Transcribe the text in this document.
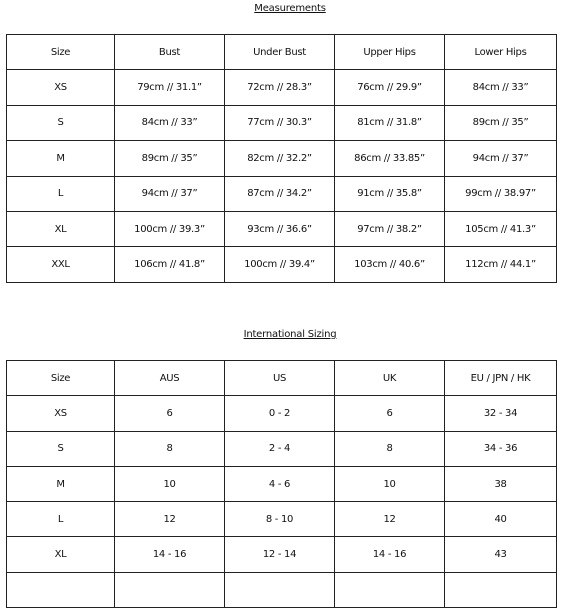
Measurements
Size	Bust	Under Bust	Upper Hips	Lower Hips
XS	79cm // 31.1”	72cm // 28.3”	76cm // 29.9”	84cm // 33”
S	84cm // 33”	77cm // 30.3”	81cm // 31.8”	89cm // 35”
M	89cm // 35”	82cm // 32.2”	86cm // 33.85”	94cm // 37”
L	94cm // 37”	87cm // 34.2”	91cm // 35.8”	99cm // 38.97”
XL	100cm // 39.3”	93cm // 36.6”	97cm // 38.2”	105cm // 41.3”
XXL	106cm // 41.8”	100cm // 39.4”	103cm // 40.6”	112cm // 44.1”
International Sizing
Size	AUS	US	UK	EU / JPN / HK
XS	6	0 - 2	6	32 - 34
S	8	2 - 4	8	34 - 36
M	10	4 - 6	10	38
L	12	8 - 10	12	40
XL	14 - 16	12 - 14	14 - 16	43
